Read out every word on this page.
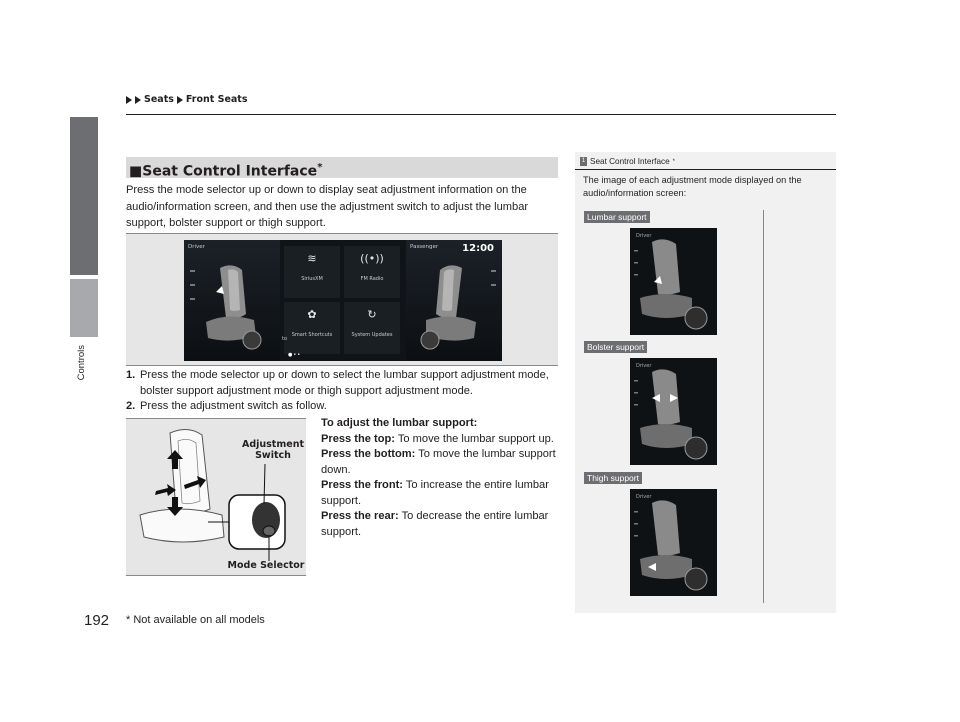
Seats Front Seats
Controls
■Seat Control Interface*
Press the mode selector up or down to display seat adjustment information on the audio/information screen, and then use the adjustment switch to adjust the lumbar support, bolster support or thigh support.
Driver
≋
SiriusXM
((•))
FM Radio
✿
Smart Shortcuts
↻
System Updates
to
Passenger 12:00
●••
1. Press the mode selector up or down to select the lumbar support adjustment mode, bolster support adjustment mode or thigh support adjustment mode.
2. Press the adjustment switch as follow.
Adjustment Switch
Mode Selector
To adjust the lumbar support:
Press the top: To move the lumbar support up.
Press the bottom: To move the lumbar support down.
Press the front: To increase the entire lumbar support.
Press the rear: To decrease the entire lumbar support.
1 Seat Control Interface *
The image of each adjustment mode displayed on the audio/information screen:
Lumbar support
Driver
Bolster support
Driver
Thigh support
Driver
192 * Not available on all models
